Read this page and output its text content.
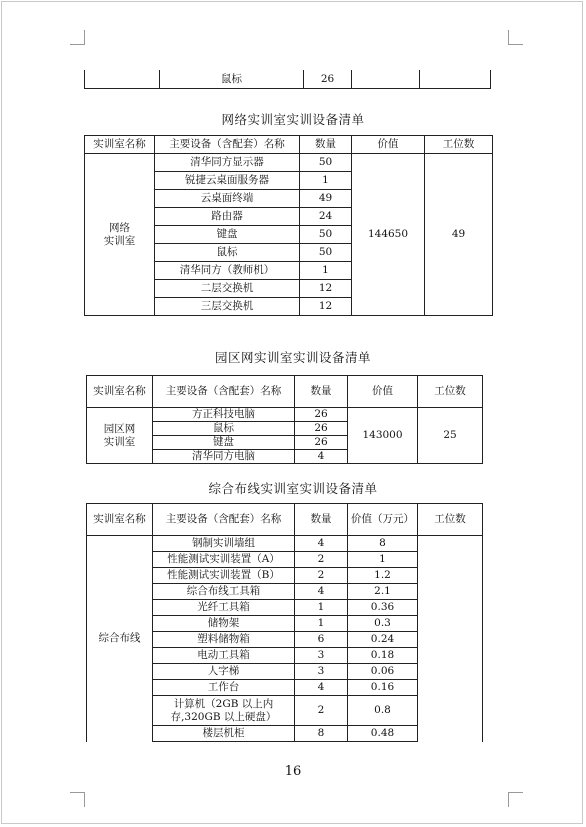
	鼠标	26		
网络实训室实训设备清单
实训室名称	主要设备（含配套）名称	数量	价值	工位数
网络
实训室	清华同方显示器	50	144650	49
	锐捷云桌面服务器	1		
	云桌面终端	49		
	路由器	24		
	键盘	50		
	鼠标	50		
	清华同方（教师机）	1		
	二层交换机	12		
	三层交换机	12		
园区网实训室实训设备清单
实训室名称	主要设备（含配套）名称	数量	价值	工位数
园区网
实训室	方正科技电脑	26	143000	25
	鼠标	26		
	键盘	26		
	清华同方电脑	4		
综合布线实训室实训设备清单
实训室名称	主要设备（含配套）名称	数量	价值（万元）	工位数
综合布线	钢制实训墙组	4	8	
	性能测试实训装置（A）	2	1	
	性能测试实训装置（B）	2	1.2	
	综合布线工具箱	4	2.1	
	光纤工具箱	1	0.36	
	储物架	1	0.3	
	塑料储物箱	6	0.24	
	电动工具箱	3	0.18	
	人字梯	3	0.06	
	工作台	4	0.16	
	计算机（2GB 以上内存,320GB 以上硬盘）	2	0.8	
	楼层机柜	8	0.48	
16
